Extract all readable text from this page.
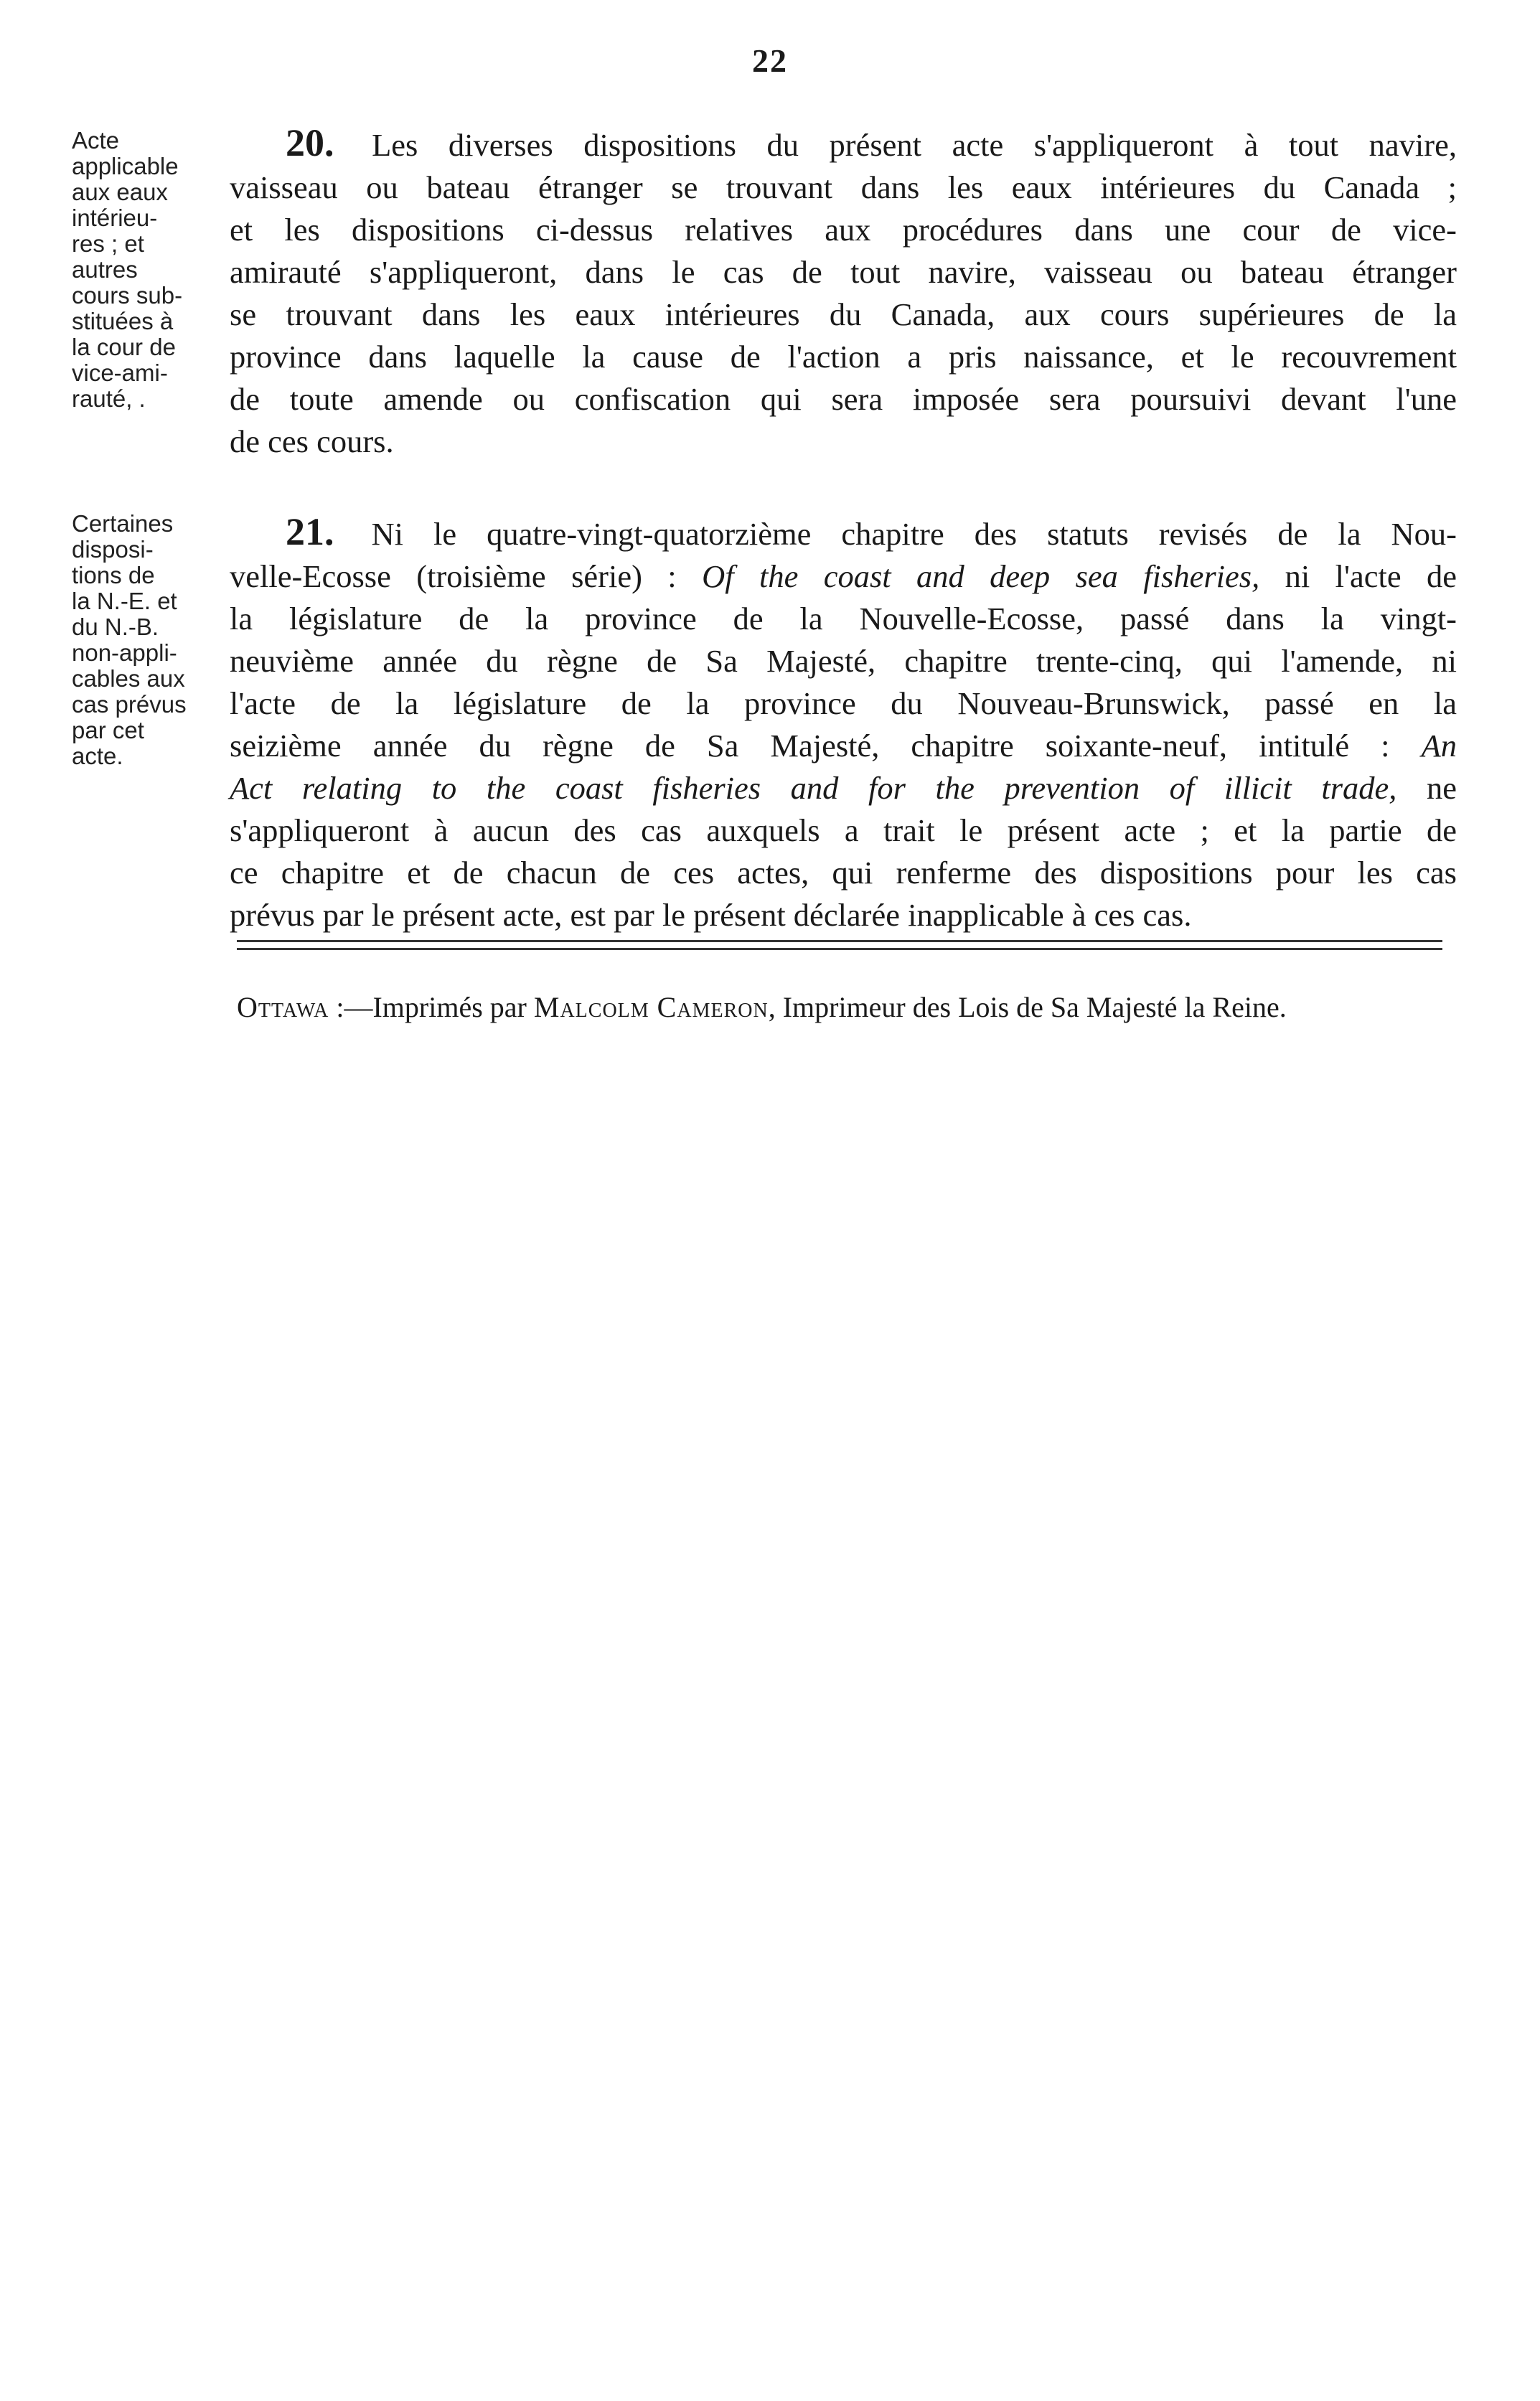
22
Acte
applicable
aux eaux
intérieu-
res ; et
autres
cours sub-
stituées à
la cour de
vice-ami-
rauté, .
20. Les diverses dispositions du présent acte s'appliqueront à tout navire,
vaisseau ou bateau étranger se trouvant dans les eaux intérieures du Canada ;
et les dispositions ci-dessus relatives aux procédures dans une cour de vice-
amirauté s'appliqueront, dans le cas de tout navire, vaisseau ou bateau étranger
se trouvant dans les eaux intérieures du Canada, aux cours supérieures de la
province dans laquelle la cause de l'action a pris naissance, et le recouvrement
de toute amende ou confiscation qui sera imposée sera poursuivi devant l'une
de ces cours.
Certaines
disposi-
tions de
la N.-E. et
du N.-B.
non-appli-
cables aux
cas prévus
par cet
acte.
21. Ni le quatre-vingt-quatorzième chapitre des statuts revisés de la Nou-
velle-Ecosse (troisième série) : Of the coast and deep sea fisheries, ni l'acte de
la législature de la province de la Nouvelle-Ecosse, passé dans la vingt-
neuvième année du règne de Sa Majesté, chapitre trente-cinq, qui l'amende, ni
l'acte de la législature de la province du Nouveau-Brunswick, passé en la
seizième année du règne de Sa Majesté, chapitre soixante-neuf, intitulé : An
Act relating to the coast fisheries and for the prevention of illicit trade, ne
s'appliqueront à aucun des cas auxquels a trait le présent acte ; et la partie de
ce chapitre et de chacun de ces actes, qui renferme des dispositions pour les cas
prévus par le présent acte, est par le présent déclarée inapplicable à ces cas.
Ottawa :—Imprimés par Malcolm Cameron, Imprimeur des Lois de Sa Majesté la Reine.
